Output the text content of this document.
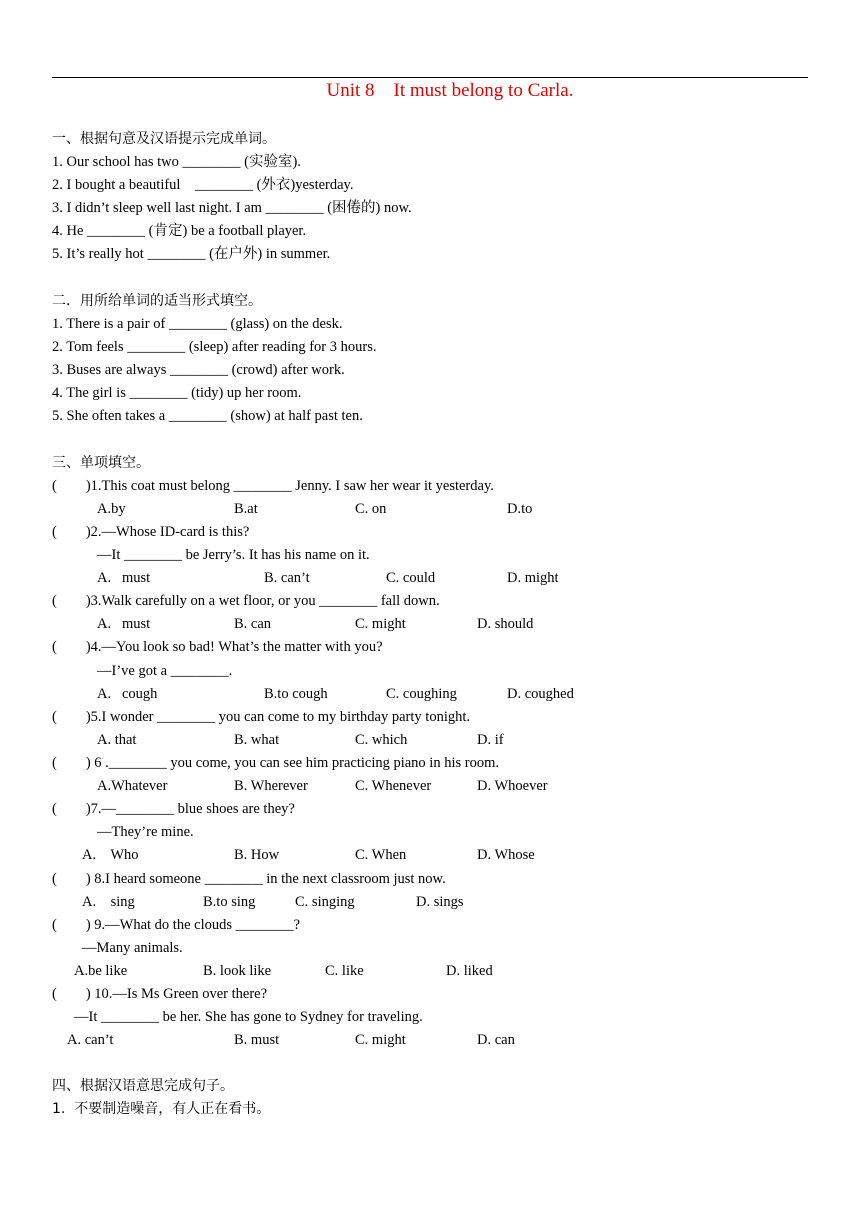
Unit 8    It must belong to Carla.
一、根据句意及汉语提示完成单词。
1. Our school has two ________ (实验室).
2. I bought a beautiful    ________ (外衣)yesterday.
3. I didn’t sleep well last night. I am ________ (困倦的) now.
4. He ________ (肯定) be a football player.
5. It’s really hot ________ (在户外) in summer.
二．用所给单词的适当形式填空。
1. There is a pair of ________ (glass) on the desk.
2. Tom feels ________ (sleep) after reading for 3 hours.
3. Buses are always ________ (crowd) after work.
4. The girl is ________ (tidy) up her room.
5. She often takes a ________ (show) at half past ten.
三、单项填空。
(        )1.This coat must belong ________ Jenny. I saw her wear it yesterday.
A.by	B.at	C. on	D.to
(        )2.—Whose ID-card is this?
—It ________ be Jerry’s. It has his name on it.
A.   must	B. can’t	C. could	D. might
(        )3.Walk carefully on a wet floor, or you ________ fall down.
A.   must	B. can	C. might	D. should
(        )4.—You look so bad! What’s the matter with you?
—I’ve got a ________.
A.   cough	B.to cough	C. coughing	D. coughed
(        )5.I wonder ________ you can come to my birthday party tonight.
A. that	B. what	C. which	D. if
(        ) 6 .________ you come, you can see him practicing piano in his room.
A.Whatever	B. Wherever	C. Whenever	D. Whoever
(        )7.—________ blue shoes are they?
—They’re mine.
A.    Who	B. How	C. When	D. Whose
(        ) 8.I heard someone ________ in the next classroom just now.
A.    sing	B.to sing	C. singing	D. sings
(        ) 9.—What do the clouds ________?
—Many animals.
A.be like	B. look like	C. like	D. liked
(        ) 10.—Is Ms Green over there?
—It ________ be her. She has gone to Sydney for traveling.
A. can’t	B. must	C. might	D. can
四、根据汉语意思完成句子。
1.  不要制造噪音，有人正在看书。
